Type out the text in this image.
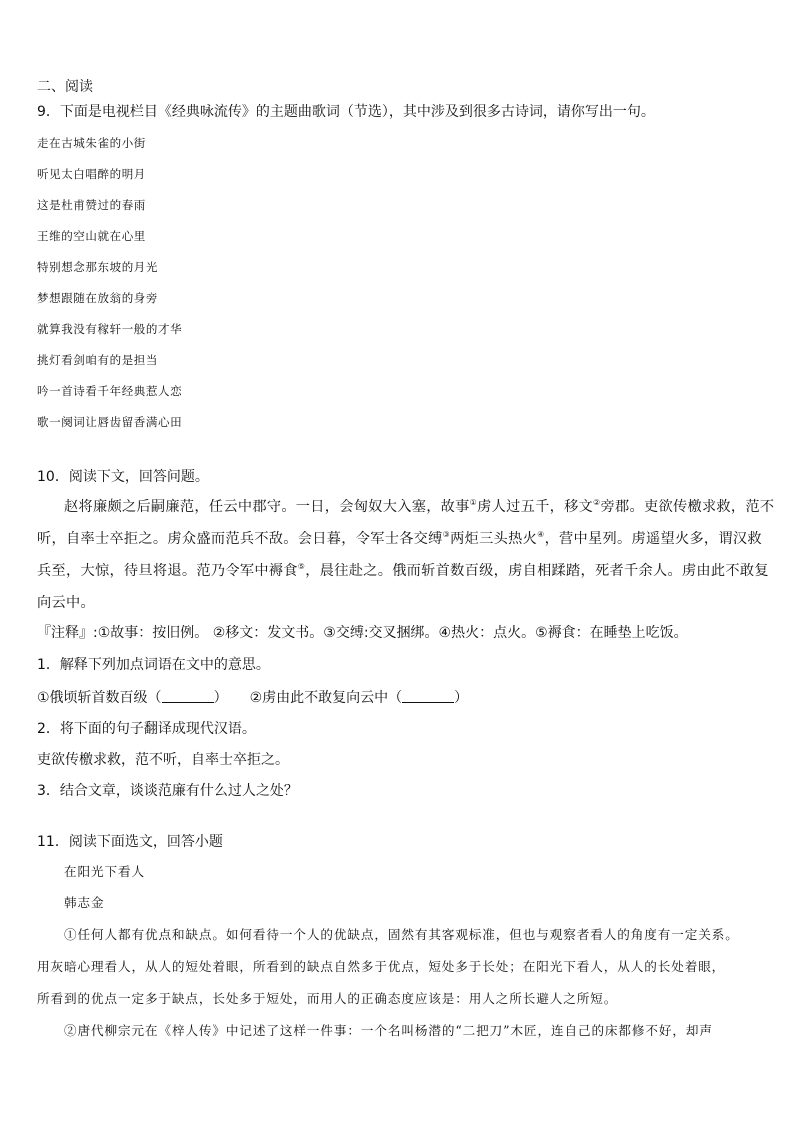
二、阅读
9．下面是电视栏目《经典咏流传》的主题曲歌词（节选），其中涉及到很多古诗词，请你写出一句。
走在古城朱雀的小街
听见太白唱醉的明月
这是杜甫赞过的春雨
王维的空山就在心里
特别想念那东坡的月光
梦想跟随在放翁的身旁
就算我没有稼轩一般的才华
挑灯看剑咱有的是担当
吟一首诗看千年经典惹人恋
歌一阕词让唇齿留香满心田
10．阅读下文，回答问题。
赵将廉颇之后嗣廉范，任云中郡守。一日，会匈奴大入塞，故事①虏人过五千，移文②旁郡。吏欲传檄求救，范不
听，自率士卒拒之。虏众盛而范兵不敌。会日暮，令军士各交缚③两炬三头热火④，营中星列。虏遥望火多，谓汉救
兵至，大惊，待旦将退。范乃令军中褥食⑤，晨往赴之。俄而斩首数百级，虏自相蹂踏，死者千余人。虏由此不敢复
向云中。
『注释』:①故事：按旧例。 ②移文：发文书。③交缚:交叉捆绑。④热火：点火。⑤褥食：在睡垫上吃饭。
1．解释下列加点词语在文中的意思。
①俄顷斩首数百级（	） ②虏由此不敢复向云中（	）
2．将下面的句子翻译成现代汉语。
吏欲传檄求救，范不听，自率士卒拒之。
3．结合文章，谈谈范廉有什么过人之处？
11．阅读下面选文，回答小题
在阳光下看人
韩志金
①任何人都有优点和缺点。如何看待一个人的优缺点，固然有其客观标准，但也与观察者看人的角度有一定关系。
用灰暗心理看人，从人的短处着眼，所看到的缺点自然多于优点，短处多于长处；在阳光下看人，从人的长处着眼，
所看到的优点一定多于缺点，长处多于短处，而用人的正确态度应该是：用人之所长避人之所短。
②唐代柳宗元在《梓人传》中记述了这样一件事：一个名叫杨潜的“二把刀”木匠，连自己的床都修不好，却声
